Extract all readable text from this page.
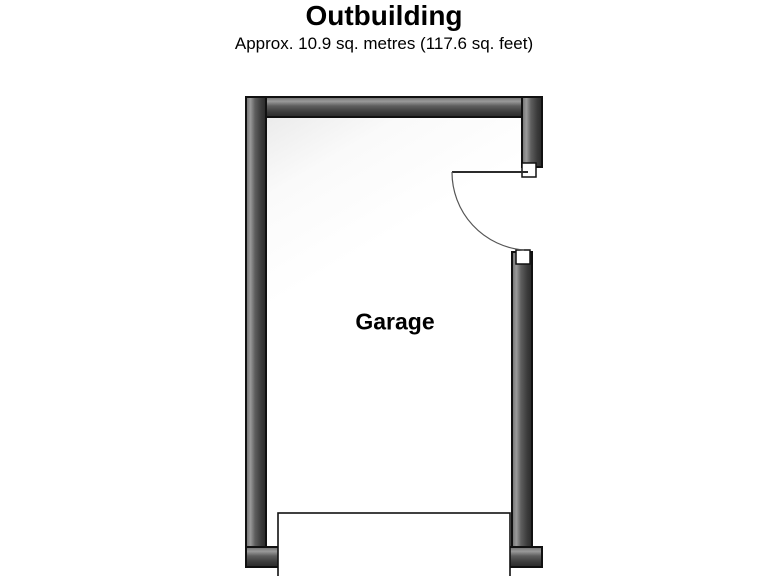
Outbuilding
Approx. 10.9 sq. metres (117.6 sq. feet)
Garage
